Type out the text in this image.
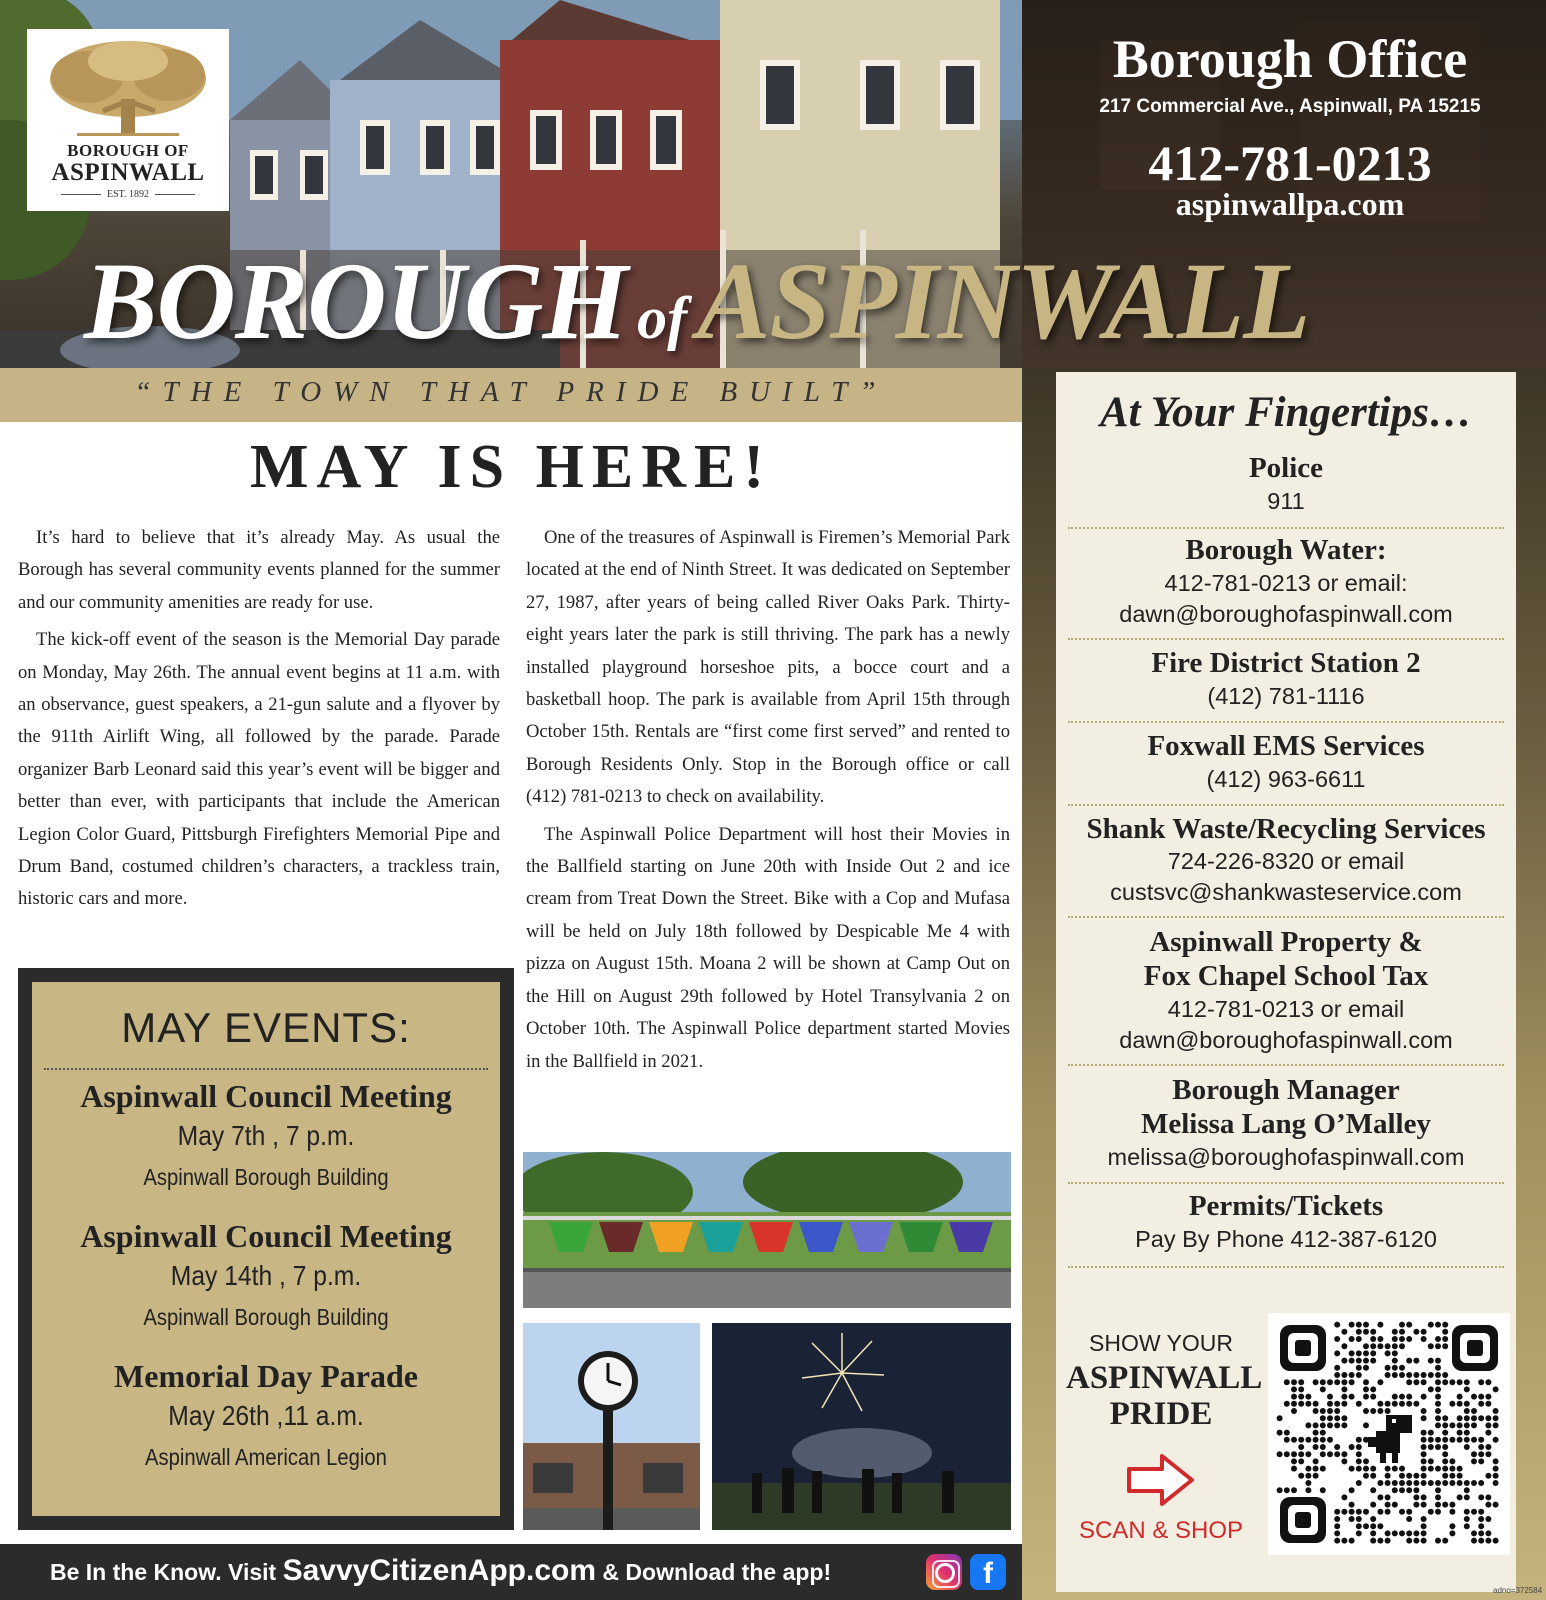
BOROUGH OF
ASPINWALL
EST. 1892
Borough Office
217 Commercial Ave., Aspinwall, PA 15215
412-781-0213
aspinwallpa.com
BOROUGH ofASPINWALL
“THE TOWN THAT PRIDE BUILT”
MAY IS HERE!

It’s hard to believe that it’s already May. As usual the Borough has several community events planned for the summer and our community amenities are ready for use.

The kick-off event of the season is the Memorial Day parade on Monday, May 26th. The annual event begins at 11 a.m. with an observance, guest speakers, a 21-gun salute and a flyover by the 911th Airlift Wing, all followed by the parade. Parade organizer Barb Leonard said this year’s event will be bigger and better than ever, with participants that include the American Legion Color Guard, Pittsburgh Firefighters Memorial Pipe and Drum Band, costumed children’s characters, a trackless train, historic cars and more.

One of the treasures of Aspinwall is Firemen’s Memorial Park located at the end of Ninth Street. It was dedicated on September 27, 1987, after years of being called River Oaks Park. Thirty-eight years later the park is still thriving. The park has a newly installed playground horseshoe pits, a bocce court and a basketball hoop. The park is available from April 15th through October 15th. Rentals are “first come first served” and rented to Borough Residents Only. Stop in the Borough office or call (412) 781-0213 to check on availability.

The Aspinwall Police Department will host their Movies in the Ballfield starting on June 20th with Inside Out 2 and ice cream from Treat Down the Street. Bike with a Cop and Mufasa will be held on July 18th followed by Despicable Me 4 with pizza on August 15th. Moana 2 will be shown at Camp Out on the Hill on August 29th followed by Hotel Transylvania 2 on October 10th. The Aspinwall Police department started Movies in the Ballfield in 2021.

MAY EVENTS:
Aspinwall Council Meeting
May 7th , 7 p.m.
Aspinwall Borough Building
Aspinwall Council Meeting
May 14th , 7 p.m.
Aspinwall Borough Building
Memorial Day Parade
May 26th ,11 a.m.
Aspinwall American Legion
Be In the Know. Visit SavvyCitizenApp.com & Download the app!	f
At Your Fingertips…
Police
911
Borough Water:
412-781-0213 or email:
dawn@boroughofaspinwall.com
Fire District Station 2
(412) 781-1116
Foxwall EMS Services
(412) 963-6611
Shank Waste/Recycling Services
724-226-8320 or email
custsvc@shankwasteservice.com
Aspinwall Property &
Fox Chapel School Tax
412-781-0213 or email
dawn@boroughofaspinwall.com
Borough Manager
Melissa Lang O’Malley
melissa@boroughofaspinwall.com
Permits/Tickets
Pay By Phone 412-387-6120
SHOW YOUR
ASPINWALL
PRIDE
SCAN & SHOP
adno=372584
